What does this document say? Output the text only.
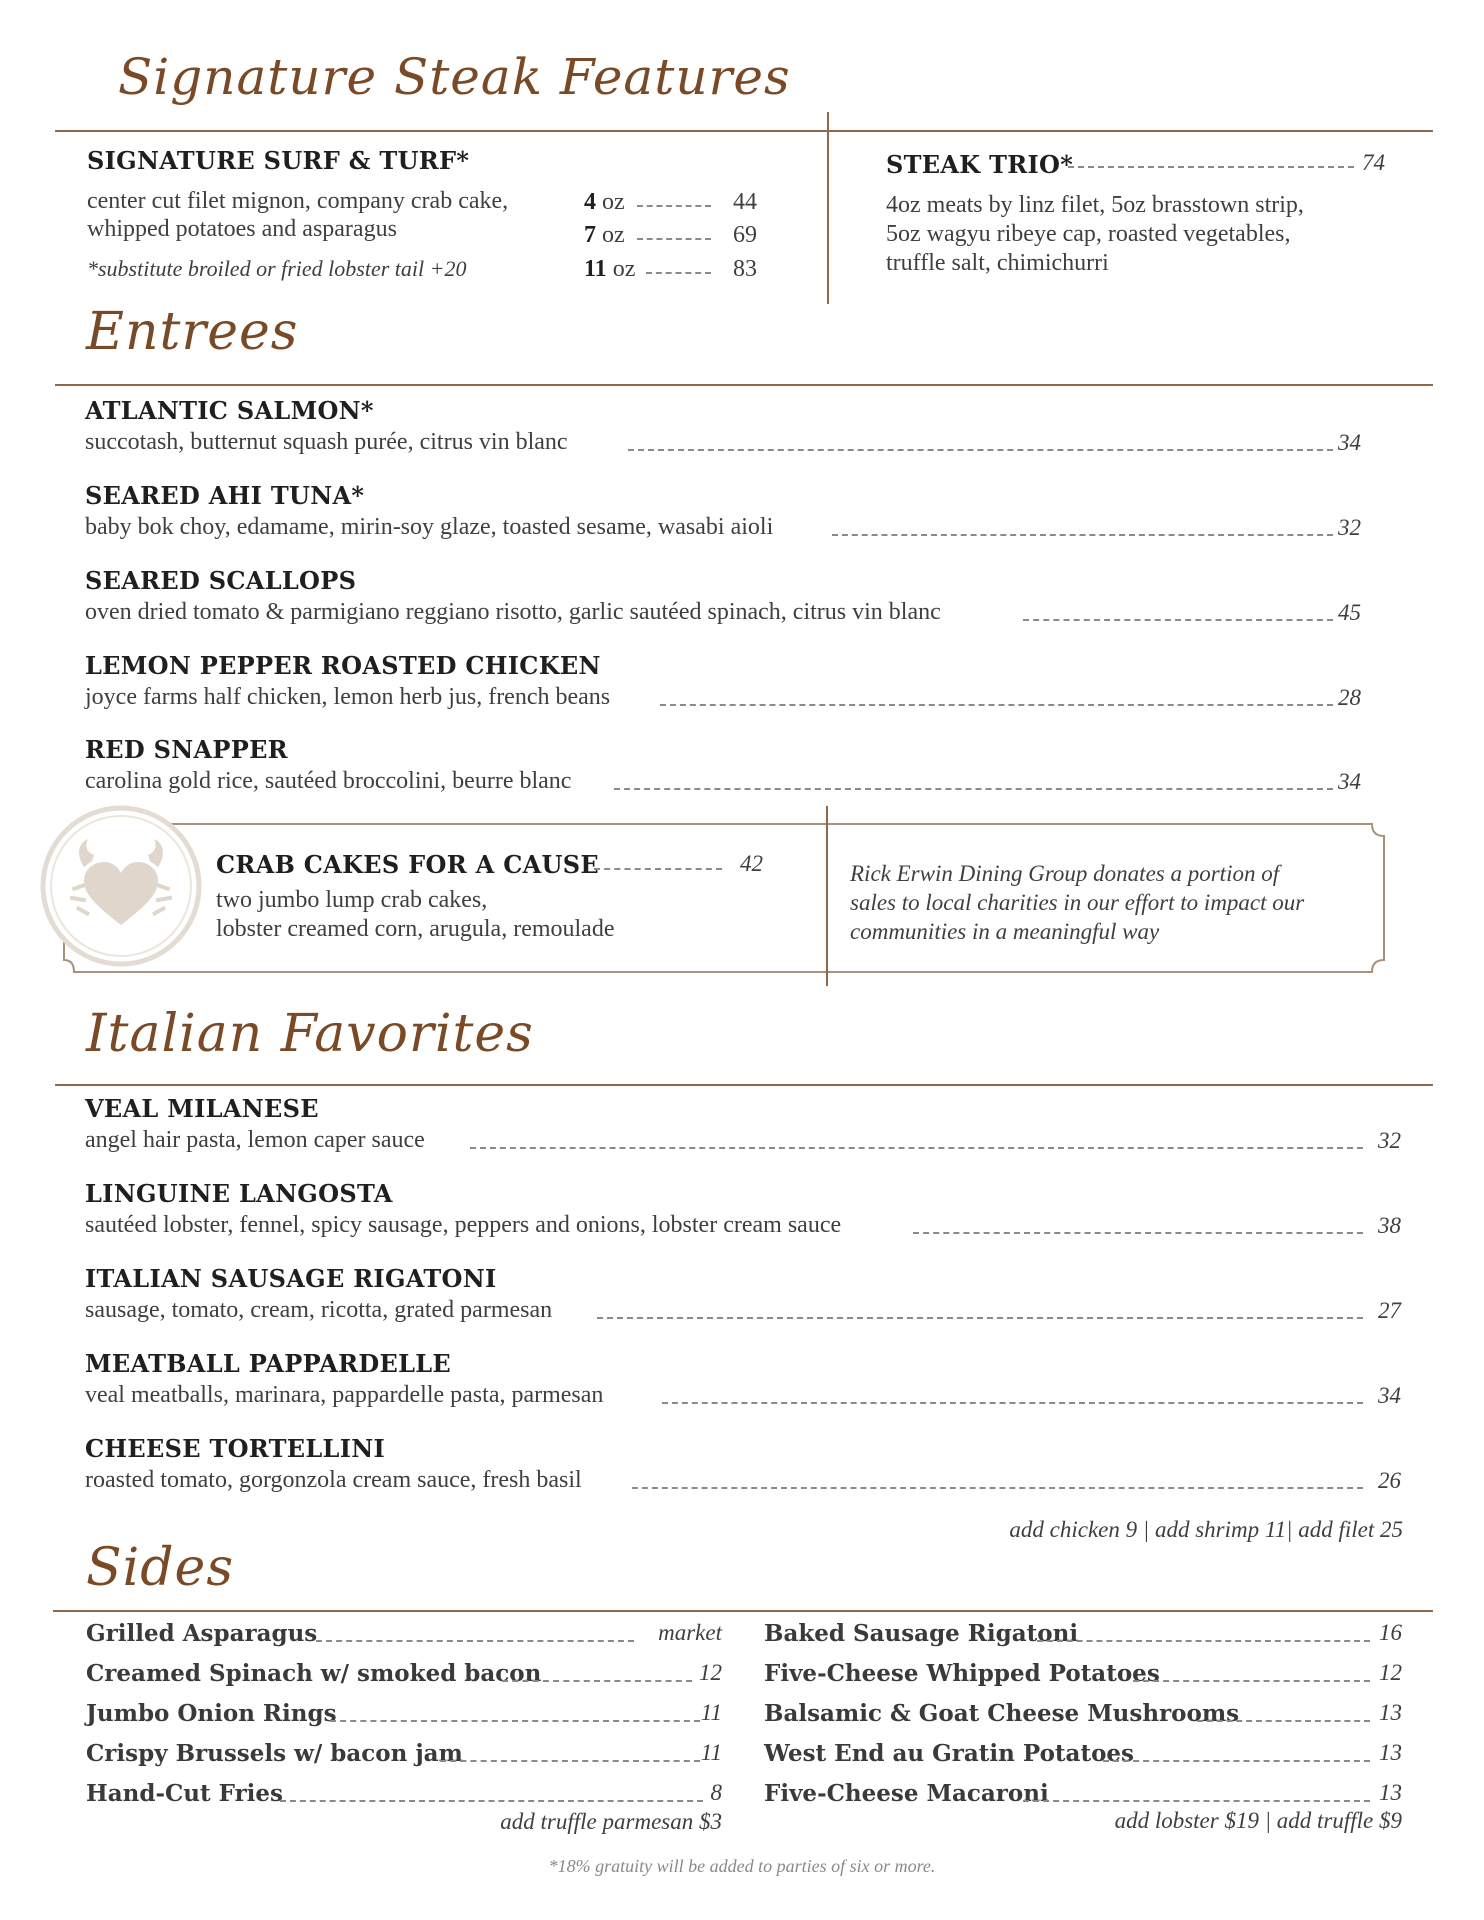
Signature Steak Features
SIGNATURE SURF & TURF*
center cut filet mignon, company crab cake,
whipped potatoes and asparagus
*substitute broiled or fried lobster tail +20
4 oz	44
7 oz	69
11 oz	83
STEAK TRIO*	74
4oz meats by linz filet, 5oz brasstown strip,
5oz wagyu ribeye cap, roasted vegetables,
truffle salt, chimichurri
Entrees
ATLANTIC SALMON*
succotash, butternut squash purée, citrus vin blanc	34
SEARED AHI TUNA*
baby bok choy, edamame, mirin-soy glaze, toasted sesame, wasabi aioli	32
SEARED SCALLOPS
oven dried tomato & parmigiano reggiano risotto, garlic sautéed spinach, citrus vin blanc	45
LEMON PEPPER ROASTED CHICKEN
joyce farms half chicken, lemon herb jus, french beans	28
RED SNAPPER
carolina gold rice, sautéed broccolini, beurre blanc	34
CRAB CAKES FOR A CAUSE	42
two jumbo lump crab cakes,
lobster creamed corn, arugula, remoulade
Rick Erwin Dining Group donates a portion of
sales to local charities in our effort to impact our
communities in a meaningful way
Italian Favorites
VEAL MILANESE
angel hair pasta, lemon caper sauce	32
LINGUINE LANGOSTA
sautéed lobster, fennel, spicy sausage, peppers and onions, lobster cream sauce	38
ITALIAN SAUSAGE RIGATONI
sausage, tomato, cream, ricotta, grated parmesan	27
MEATBALL PAPPARDELLE
veal meatballs, marinara, pappardelle pasta, parmesan	34
CHEESE TORTELLINI
roasted tomato, gorgonzola cream sauce, fresh basil	26
add chicken 9 | add shrimp 11| add filet 25
Sides
Grilled Asparagus	market
Creamed Spinach w/ smoked bacon	12
Jumbo Onion Rings	11
Crispy Brussels w/ bacon jam	11
Hand-Cut Fries	8
add truffle parmesan $3
Baked Sausage Rigatoni	16
Five-Cheese Whipped Potatoes	12
Balsamic & Goat Cheese Mushrooms	13
West End au Gratin Potatoes	13
Five-Cheese Macaroni	13
add lobster $19 | add truffle $9
*18% gratuity will be added to parties of six or more.
